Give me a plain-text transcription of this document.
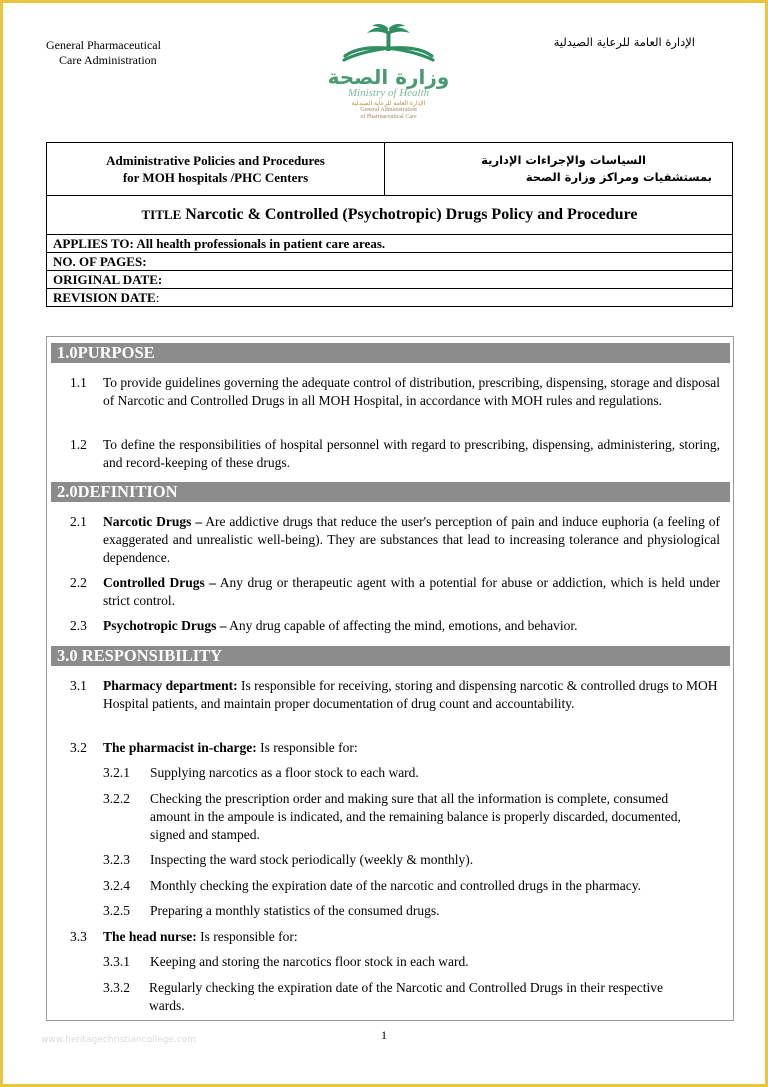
General Pharmaceutical
Care Administration
وزارة الصحة
Ministry of Health
الإدارة العامة للرعاية الصيدلية
General Administration
of Pharmaceutical Care
الإدارة العامة للرعاية الصيدلية
Administrative Policies and Procedures
for MOH hospitals /PHC Centers

السياسات والإجراءات الإدارية
بمستشفيات ومراكز وزارة الصحة

TITLE Narcotic & Controlled (Psychotropic) Drugs Policy and Procedure
APPLIES TO: All health professionals in patient care areas.
NO. OF PAGES:
ORIGINAL DATE:
REVISION DATE:
1.0PURPOSE
1.1 To provide guidelines governing the adequate control of distribution, prescribing, dispensing, storage and disposal of Narcotic and Controlled Drugs in all MOH Hospital, in accordance with MOH rules and regulations.
1.2 To define the responsibilities of hospital personnel with regard to prescribing, dispensing, administering, storing, and record-keeping of these drugs.
2.0DEFINITION
2.1 Narcotic Drugs – Are addictive drugs that reduce the user's perception of pain and induce euphoria (a feeling of exaggerated and unrealistic well-being). They are substances that lead to increasing tolerance and physiological dependence.
2.2 Controlled Drugs – Any drug or therapeutic agent with a potential for abuse or addiction, which is held under strict control.
2.3 Psychotropic Drugs – Any drug capable of affecting the mind, emotions, and behavior.
3.0 RESPONSIBILITY
3.1 Pharmacy department: Is responsible for receiving, storing and dispensing narcotic & controlled drugs to MOH Hospital patients, and maintain proper documentation of drug count and accountability.
3.2 The pharmacist in-charge: Is responsible for:
3.2.1 Supplying narcotics as a floor stock to each ward.
3.2.2 Checking the prescription order and making sure that all the information is complete, consumed amount in the ampoule is indicated, and the remaining balance is properly discarded, documented, signed and stamped.
3.2.3 Inspecting the ward stock periodically (weekly & monthly).
3.2.4 Monthly checking the expiration date of the narcotic and controlled drugs in the pharmacy.
3.2.5 Preparing a monthly statistics of the consumed drugs.
3.3 The head nurse: Is responsible for:
3.3.1 Keeping and storing the narcotics floor stock in each ward.
3.3.2 Regularly checking the expiration date of the Narcotic and Controlled Drugs in their respective wards.
1
www.heritagechristiancollege.com
